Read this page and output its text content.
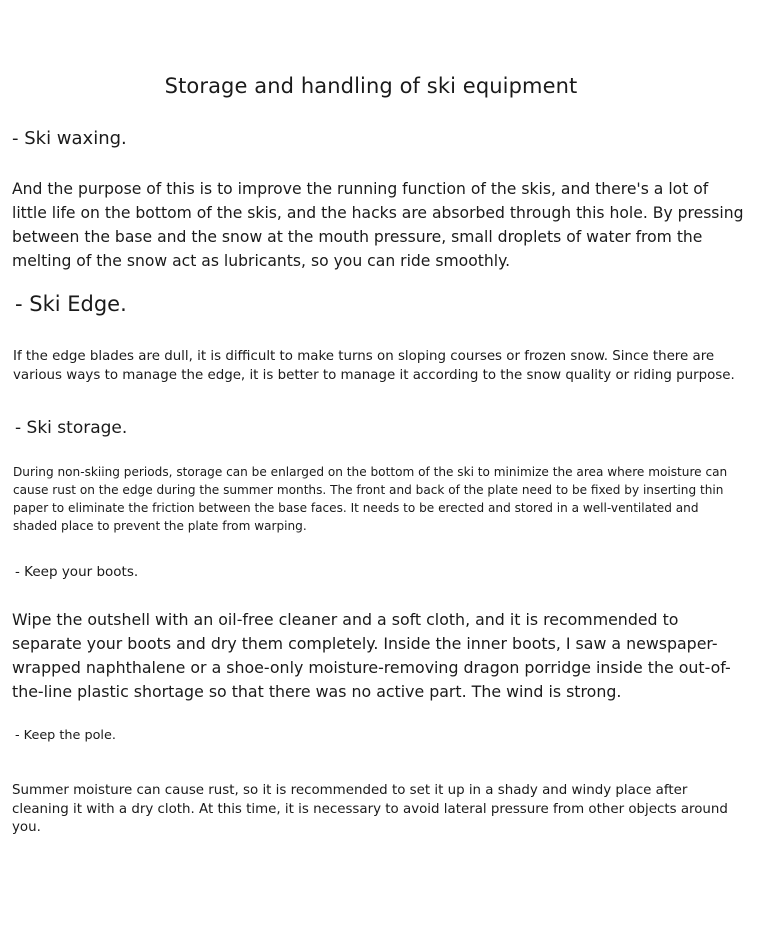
Storage and handling of ski equipment
- Ski waxing.

And the purpose of this is to improve the running function of the skis, and there's a lot of little life on the bottom of the skis, and the hacks are absorbed through this hole. By pressing between the base and the snow at the mouth pressure, small droplets of water from the melting of the snow act as lubricants, so you can ride smoothly.

- Ski Edge.

If the edge blades are dull, it is difficult to make turns on sloping courses or frozen snow. Since there are various ways to manage the edge, it is better to manage it according to the snow quality or riding purpose.

- Ski storage.

During non-skiing periods, storage can be enlarged on the bottom of the ski to minimize the area where moisture can cause rust on the edge during the summer months. The front and back of the plate need to be fixed by inserting thin paper to eliminate the friction between the base faces. It needs to be erected and stored in a well-ventilated and shaded place to prevent the plate from warping.

- Keep your boots.

Wipe the outshell with an oil-free cleaner and a soft cloth, and it is recommended to separate your boots and dry them completely. Inside the inner boots, I saw a newspaper-wrapped naphthalene or a shoe-only moisture-removing dragon porridge inside the out-of-the-line plastic shortage so that there was no active part. The wind is strong.

- Keep the pole.

Summer moisture can cause rust, so it is recommended to set it up in a shady and windy place after cleaning it with a dry cloth. At this time, it is necessary to avoid lateral pressure from other objects around you.
